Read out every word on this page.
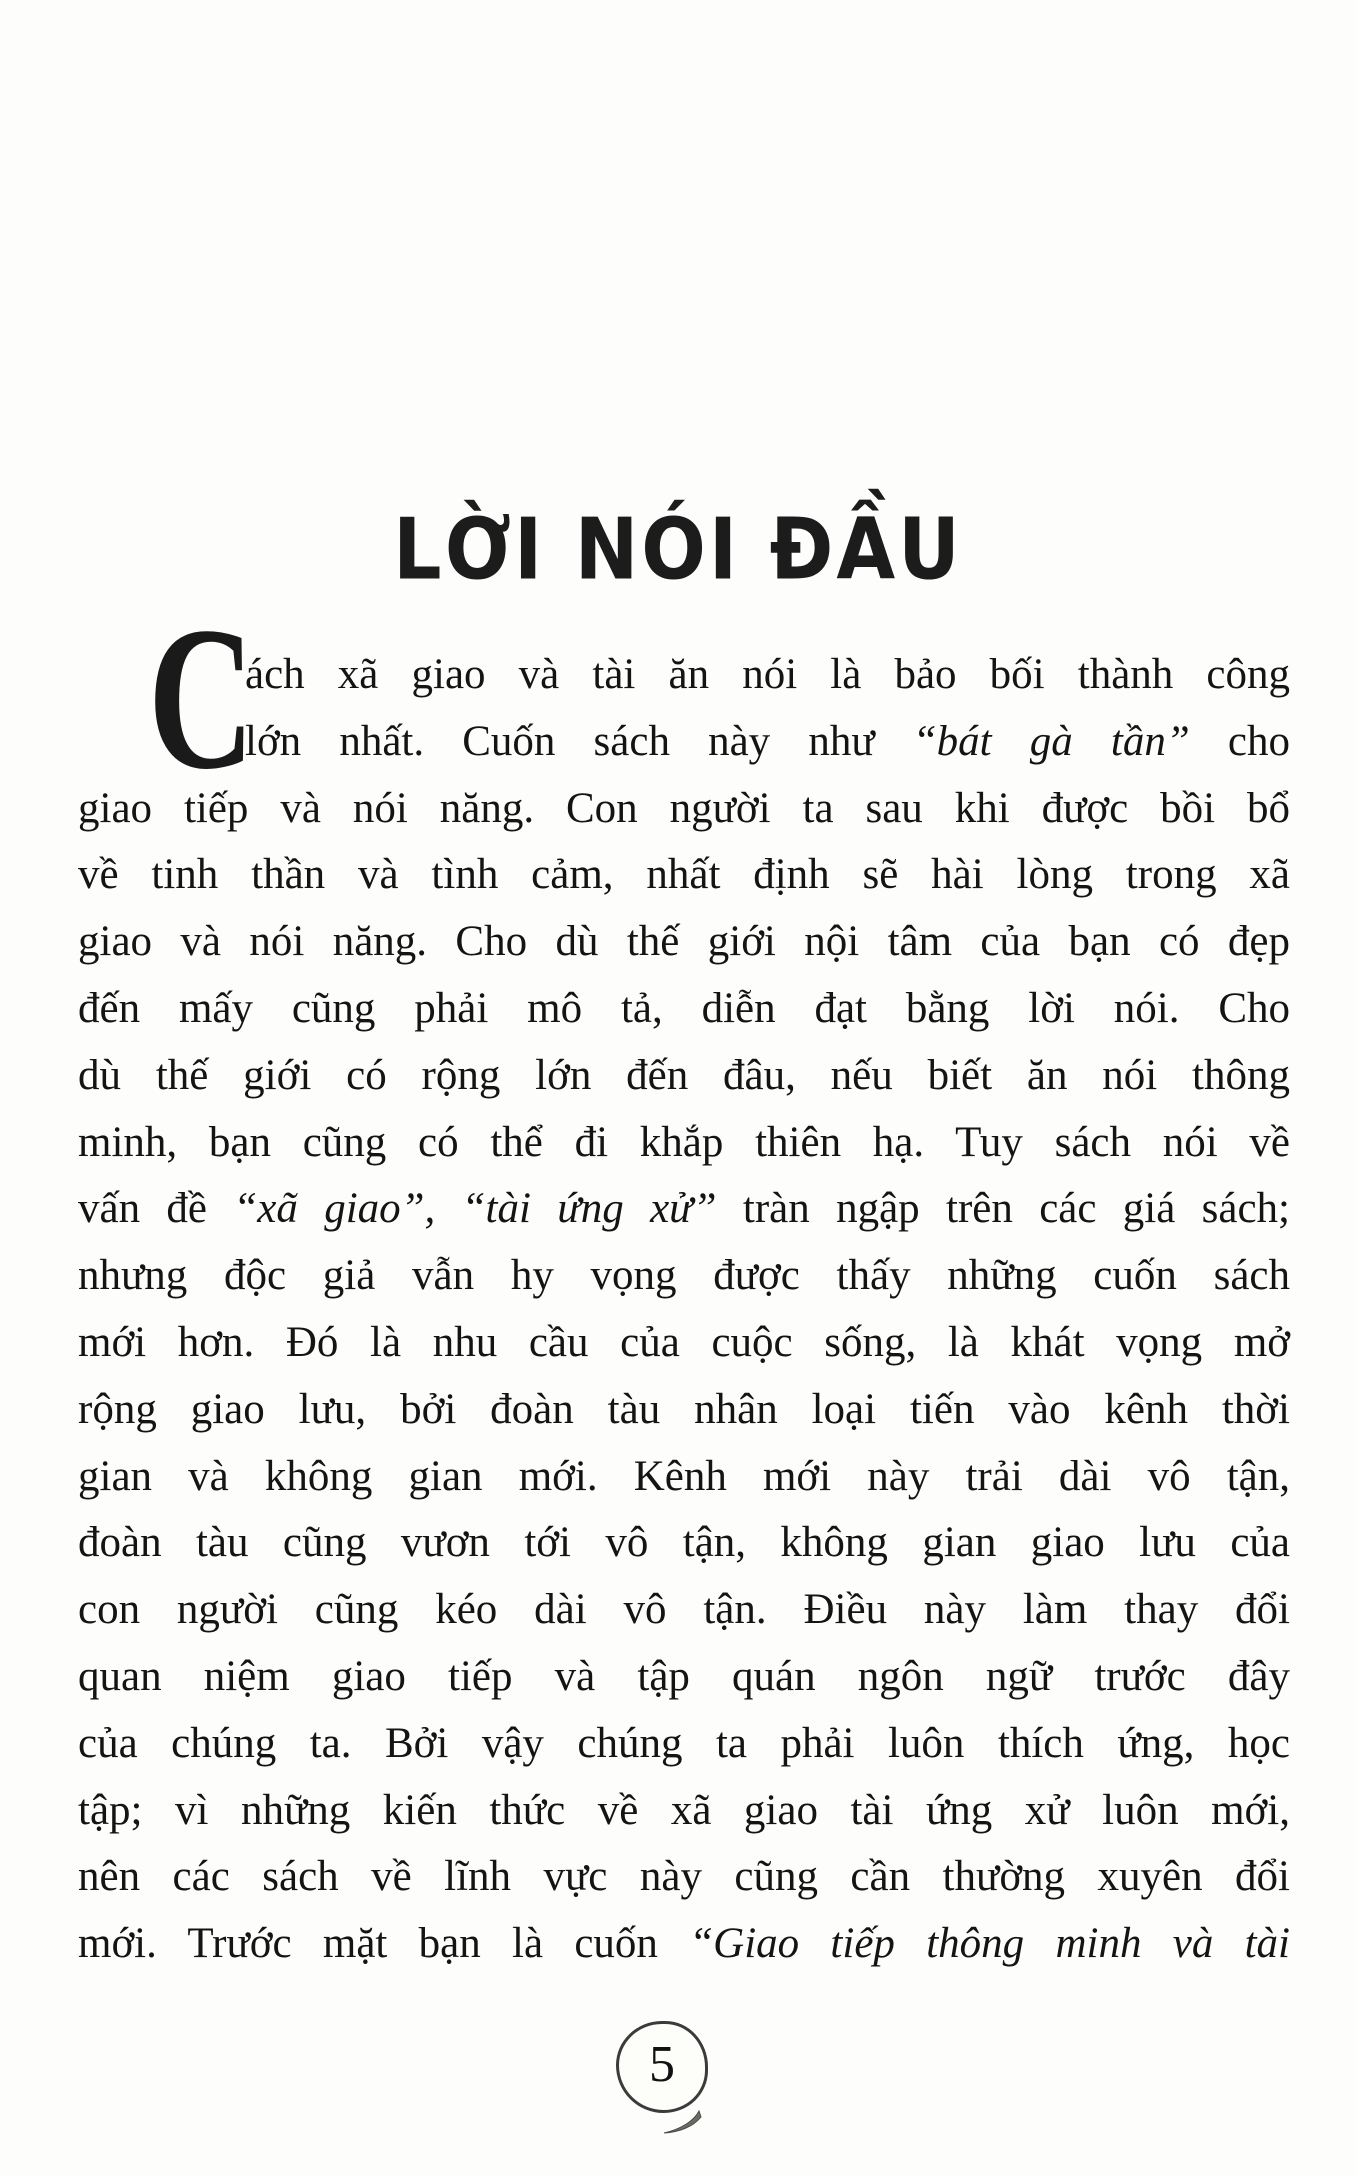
LỜI NÓI ĐẦU
C
ách xã giao và tài ăn nói là bảo bối thành công
lớn nhất. Cuốn sách này như “bát gà tần” cho
giao tiếp và nói năng. Con người ta sau khi được bồi bổ
về tinh thần và tình cảm, nhất định sẽ hài lòng trong xã
giao và nói năng. Cho dù thế giới nội tâm của bạn có đẹp
đến mấy cũng phải mô tả, diễn đạt bằng lời nói. Cho
dù thế giới có rộng lớn đến đâu, nếu biết ăn nói thông
minh, bạn cũng có thể đi khắp thiên hạ. Tuy sách nói về
vấn đề “xã giao”, “tài ứng xử” tràn ngập trên các giá sách;
nhưng độc giả vẫn hy vọng được thấy những cuốn sách
mới hơn. Đó là nhu cầu của cuộc sống, là khát vọng mở
rộng giao lưu, bởi đoàn tàu nhân loại tiến vào kênh thời
gian và không gian mới. Kênh mới này trải dài vô tận,
đoàn tàu cũng vươn tới vô tận, không gian giao lưu của
con người cũng kéo dài vô tận. Điều này làm thay đổi
quan niệm giao tiếp và tập quán ngôn ngữ trước đây
của chúng ta. Bởi vậy chúng ta phải luôn thích ứng, học
tập; vì những kiến thức về xã giao tài ứng xử luôn mới,
nên các sách về lĩnh vực này cũng cần thường xuyên đổi
mới. Trước mặt bạn là cuốn “Giao tiếp thông minh và tài
5
